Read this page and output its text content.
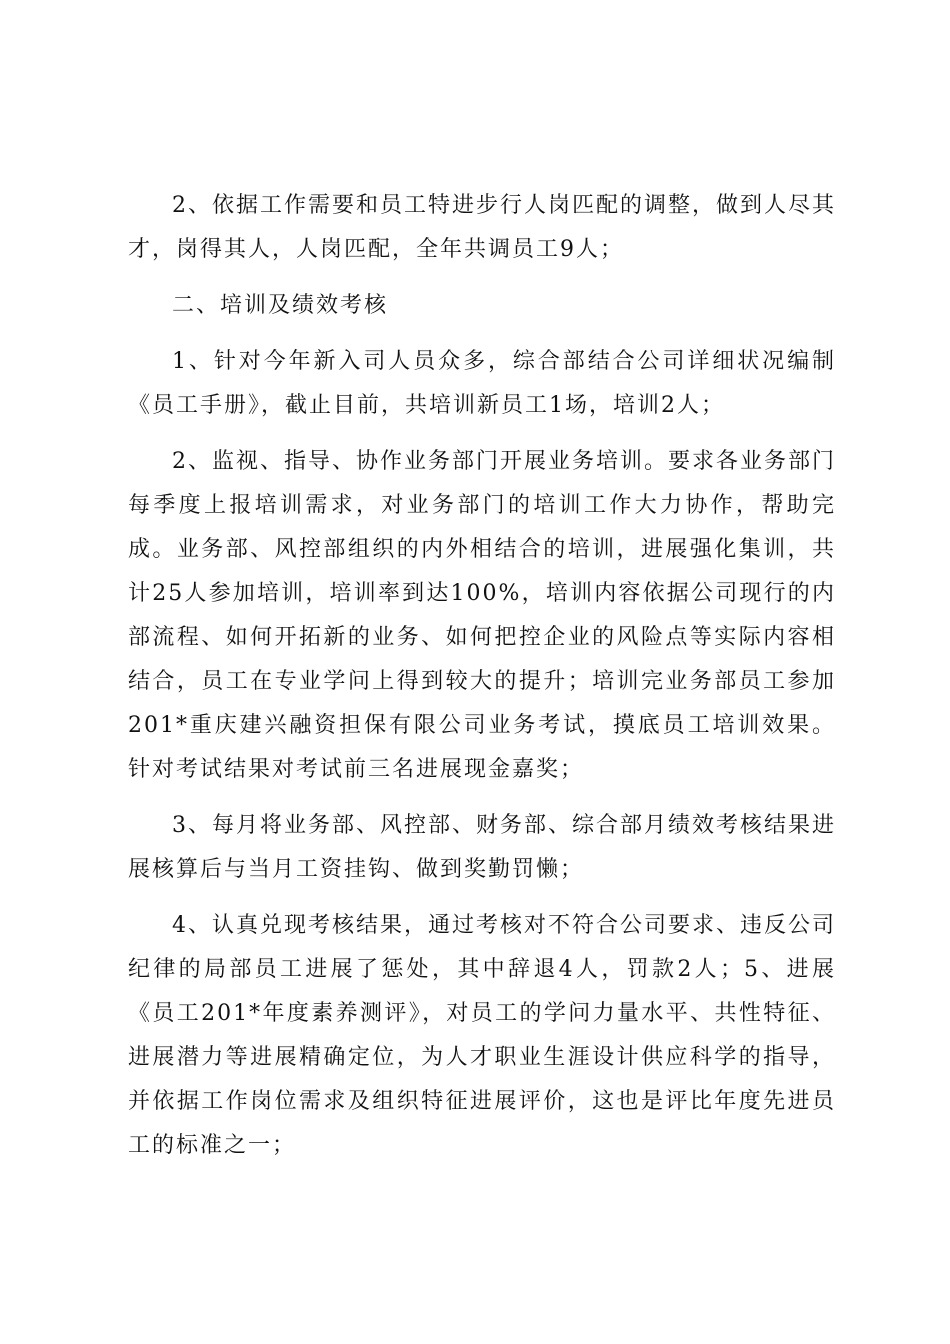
2、依据工作需要和员工特进步行人岗匹配的调整，做到人尽其才，岗得其人，人岗匹配，全年共调员工9人；

二、培训及绩效考核

1、针对今年新入司人员众多，综合部结合公司详细状况编制《员工手册》，截止目前，共培训新员工1场，培训2人；

2、监视、指导、协作业务部门开展业务培训。要求各业务部门每季度上报培训需求，对业务部门的培训工作大力协作，帮助完成。业务部、风控部组织的内外相结合的培训，进展强化集训，共计25人参加培训，培训率到达100%，培训内容依据公司现行的内部流程、如何开拓新的业务、如何把控企业的风险点等实际内容相结合，员工在专业学问上得到较大的提升；培训完业务部员工参加201*重庆建兴融资担保有限公司业务考试，摸底员工培训效果。针对考试结果对考试前三名进展现金嘉奖；

3、每月将业务部、风控部、财务部、综合部月绩效考核结果进展核算后与当月工资挂钩、做到奖勤罚懒；

4、认真兑现考核结果，通过考核对不符合公司要求、违反公司纪律的局部员工进展了惩处，其中辞退4人，罚款2人；5、进展《员工201*年度素养测评》，对员工的学问力量水平、共性特征、进展潜力等进展精确定位，为人才职业生涯设计供应科学的指导，并依据工作岗位需求及组织特征进展评价，这也是评比年度先进员工的标准之一；
